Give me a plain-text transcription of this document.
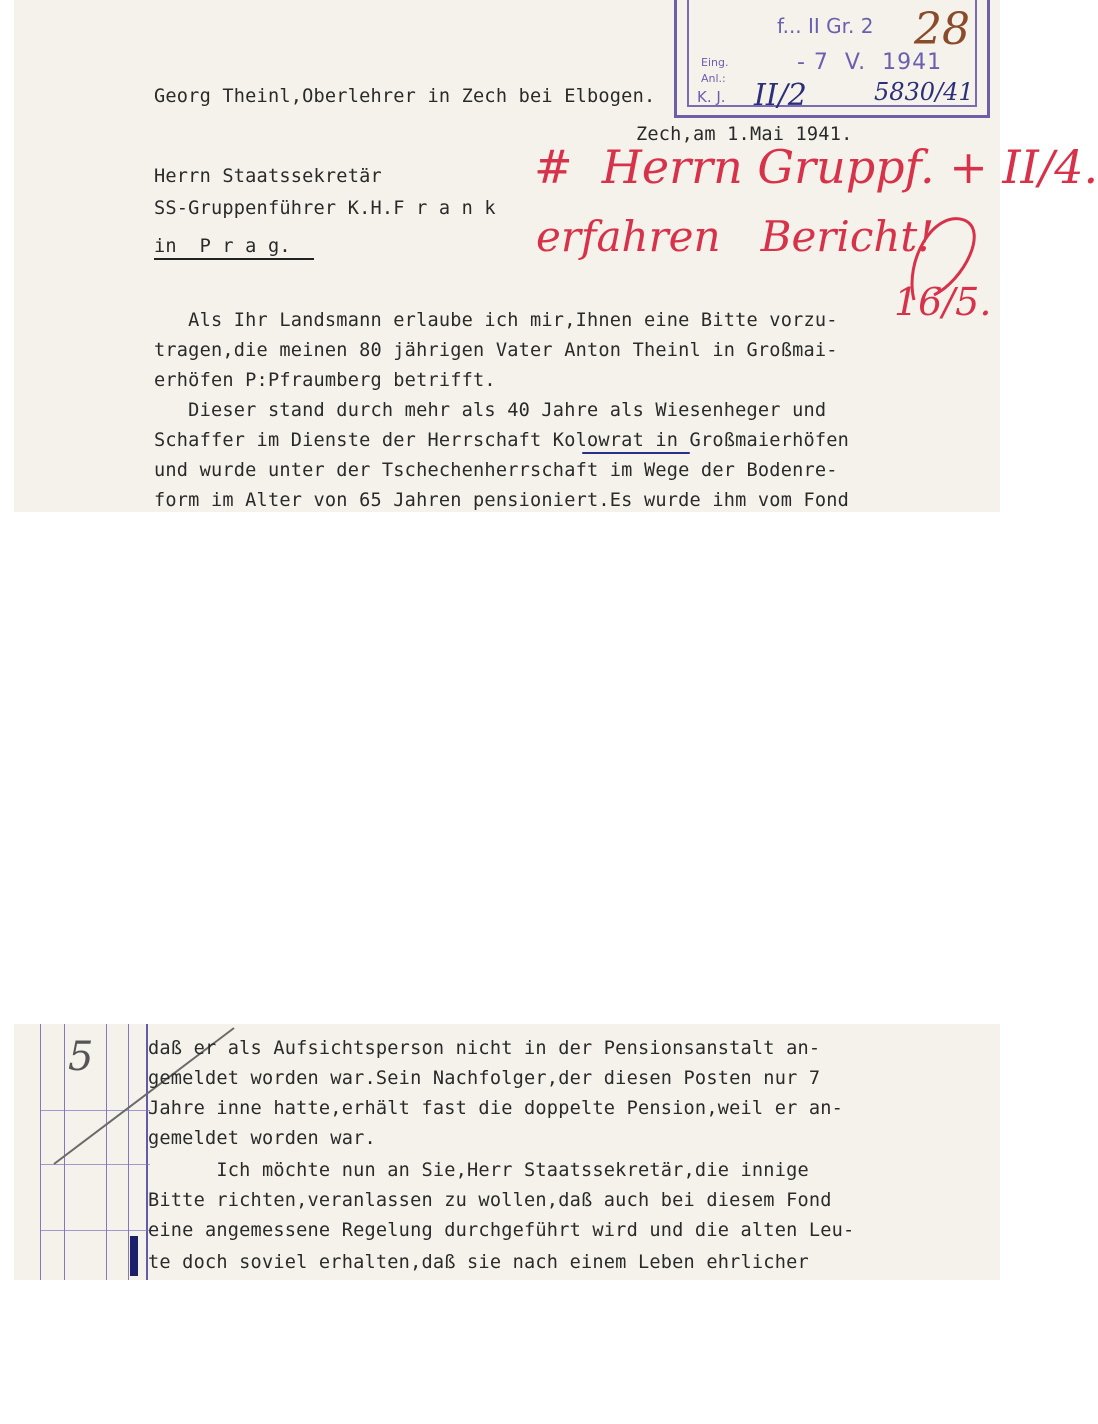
f... II Gr. 2
Eing.
Anl.:
K. J.
- 7  V.  1941
II/2	5830/41
28
Georg Theinl,Oberlehrer in Zech bei Elbogen.
Zech,am 1.Mai 1941.
Herrn Staatssekretär
SS-Gruppenführer K.H.F r a n k
in  P r a g.
#  Herrn Gruppf. + II/4.
erfahren   Bericht!
16/5.
Als Ihr Landsmann erlaube ich mir,Ihnen eine Bitte vorzu-
tragen,die meinen 80 jährigen Vater Anton Theinl in Großmai-
erhöfen P:Pfraumberg betrifft.
Dieser stand durch mehr als 40 Jahre als Wiesenheger und
Schaffer im Dienste der Herrschaft Kolowrat in Großmaierhöfen
und wurde unter der Tschechenherrschaft im Wege der Bodenre-
form im Alter von 65 Jahren pensioniert.Es wurde ihm vom Fond
5	daß er als Aufsichtsperson nicht in der Pensionsanstalt an-
gemeldet worden war.Sein Nachfolger,der diesen Posten nur 7
Jahre inne hatte,erhält fast die doppelte Pension,weil er an-
gemeldet worden war.
Ich möchte nun an Sie,Herr Staatssekretär,die innige
Bitte richten,veranlassen zu wollen,daß auch bei diesem Fond
eine angemessene Regelung durchgeführt wird und die alten Leu-
te doch soviel erhalten,daß sie nach einem Leben ehrlicher
